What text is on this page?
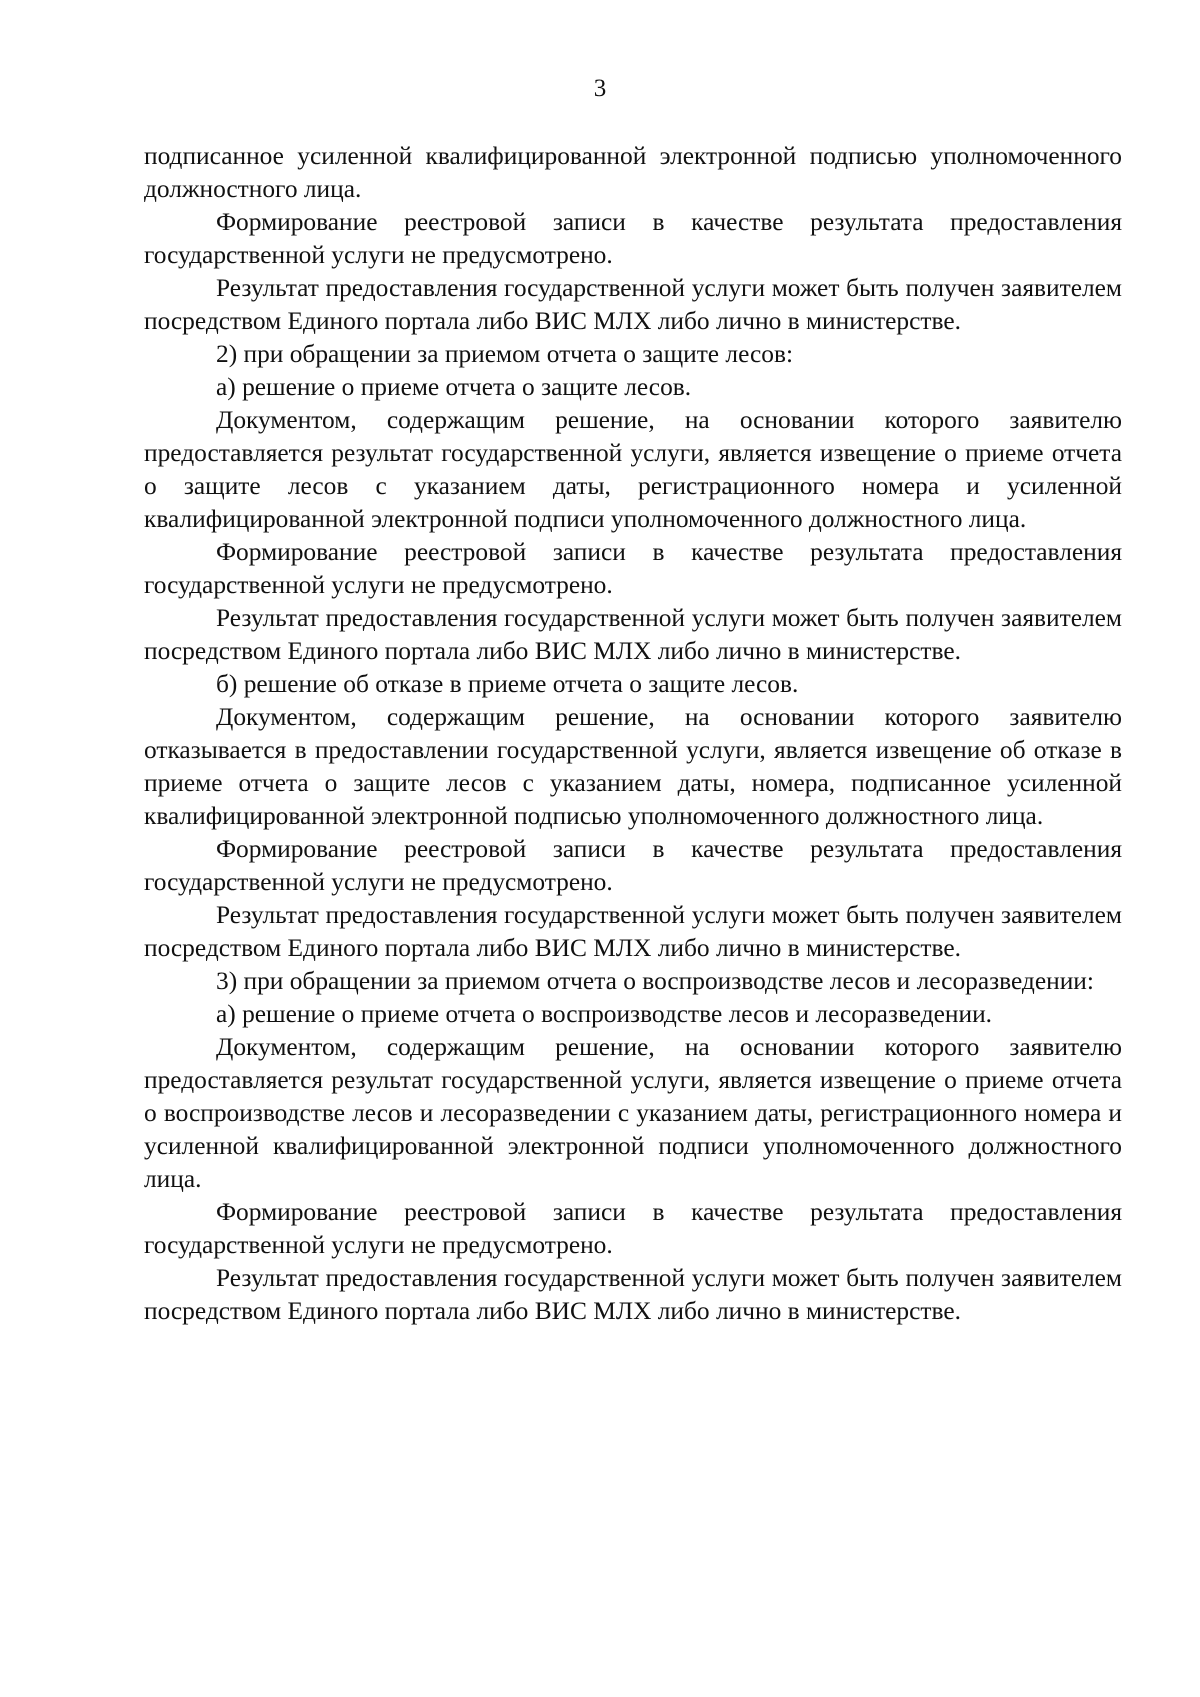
3

подписанное усиленной квалифицированной электронной подписью уполномоченного должностного лица.

Формирование реестровой записи в качестве результата предоставления государственной услуги не предусмотрено.

Результат предоставления государственной услуги может быть получен заявителем посредством Единого портала либо ВИС МЛХ либо лично в министерстве.

2) при обращении за приемом отчета о защите лесов:

а) решение о приеме отчета о защите лесов.

Документом, содержащим решение, на основании которого заявителю предоставляется результат государственной услуги, является извещение о приеме отчета о защите лесов с указанием даты, регистрационного номера и усиленной квалифицированной электронной подписи уполномоченного должностного лица.

Формирование реестровой записи в качестве результата предоставления государственной услуги не предусмотрено.

Результат предоставления государственной услуги может быть получен заявителем посредством Единого портала либо ВИС МЛХ либо лично в министерстве.

б) решение об отказе в приеме отчета о защите лесов.

Документом, содержащим решение, на основании которого заявителю отказывается в предоставлении государственной услуги, является извещение об отказе в приеме отчета о защите лесов с указанием даты, номера, подписанное усиленной квалифицированной электронной подписью уполномоченного должностного лица.

Формирование реестровой записи в качестве результата предоставления государственной услуги не предусмотрено.

Результат предоставления государственной услуги может быть получен заявителем посредством Единого портала либо ВИС МЛХ либо лично в министерстве.

3) при обращении за приемом отчета о воспроизводстве лесов и лесоразведении:

а) решение о приеме отчета о воспроизводстве лесов и лесоразведении.

Документом, содержащим решение, на основании которого заявителю предоставляется результат государственной услуги, является извещение о приеме отчета о воспроизводстве лесов и лесоразведении с указанием даты, регистрационного номера и усиленной квалифицированной электронной подписи уполномоченного должностного лица.

Формирование реестровой записи в качестве результата предоставления государственной услуги не предусмотрено.

Результат предоставления государственной услуги может быть получен заявителем посредством Единого портала либо ВИС МЛХ либо лично в министерстве.
